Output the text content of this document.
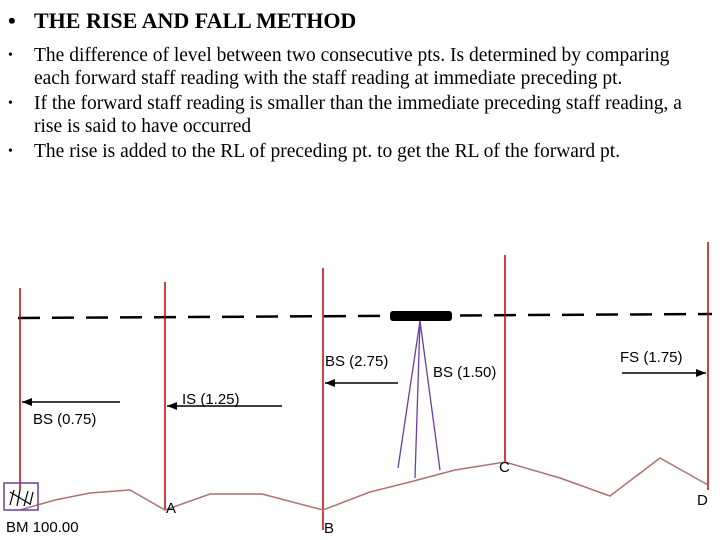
• THE RISE AND FALL METHOD
• The difference of level between two consecutive pts. Is determined by comparing each forward staff reading with the staff reading at immediate preceding pt.
• If the forward staff reading is smaller than the immediate preceding staff reading, a rise is said to have occurred
• The rise is added to the RL of preceding pt. to get the RL of the forward pt.
BS (0.75)
IS (1.25)
BS (2.75)
BS (1.50)
FS (1.75)
BM 100.00
A
B
C
D
